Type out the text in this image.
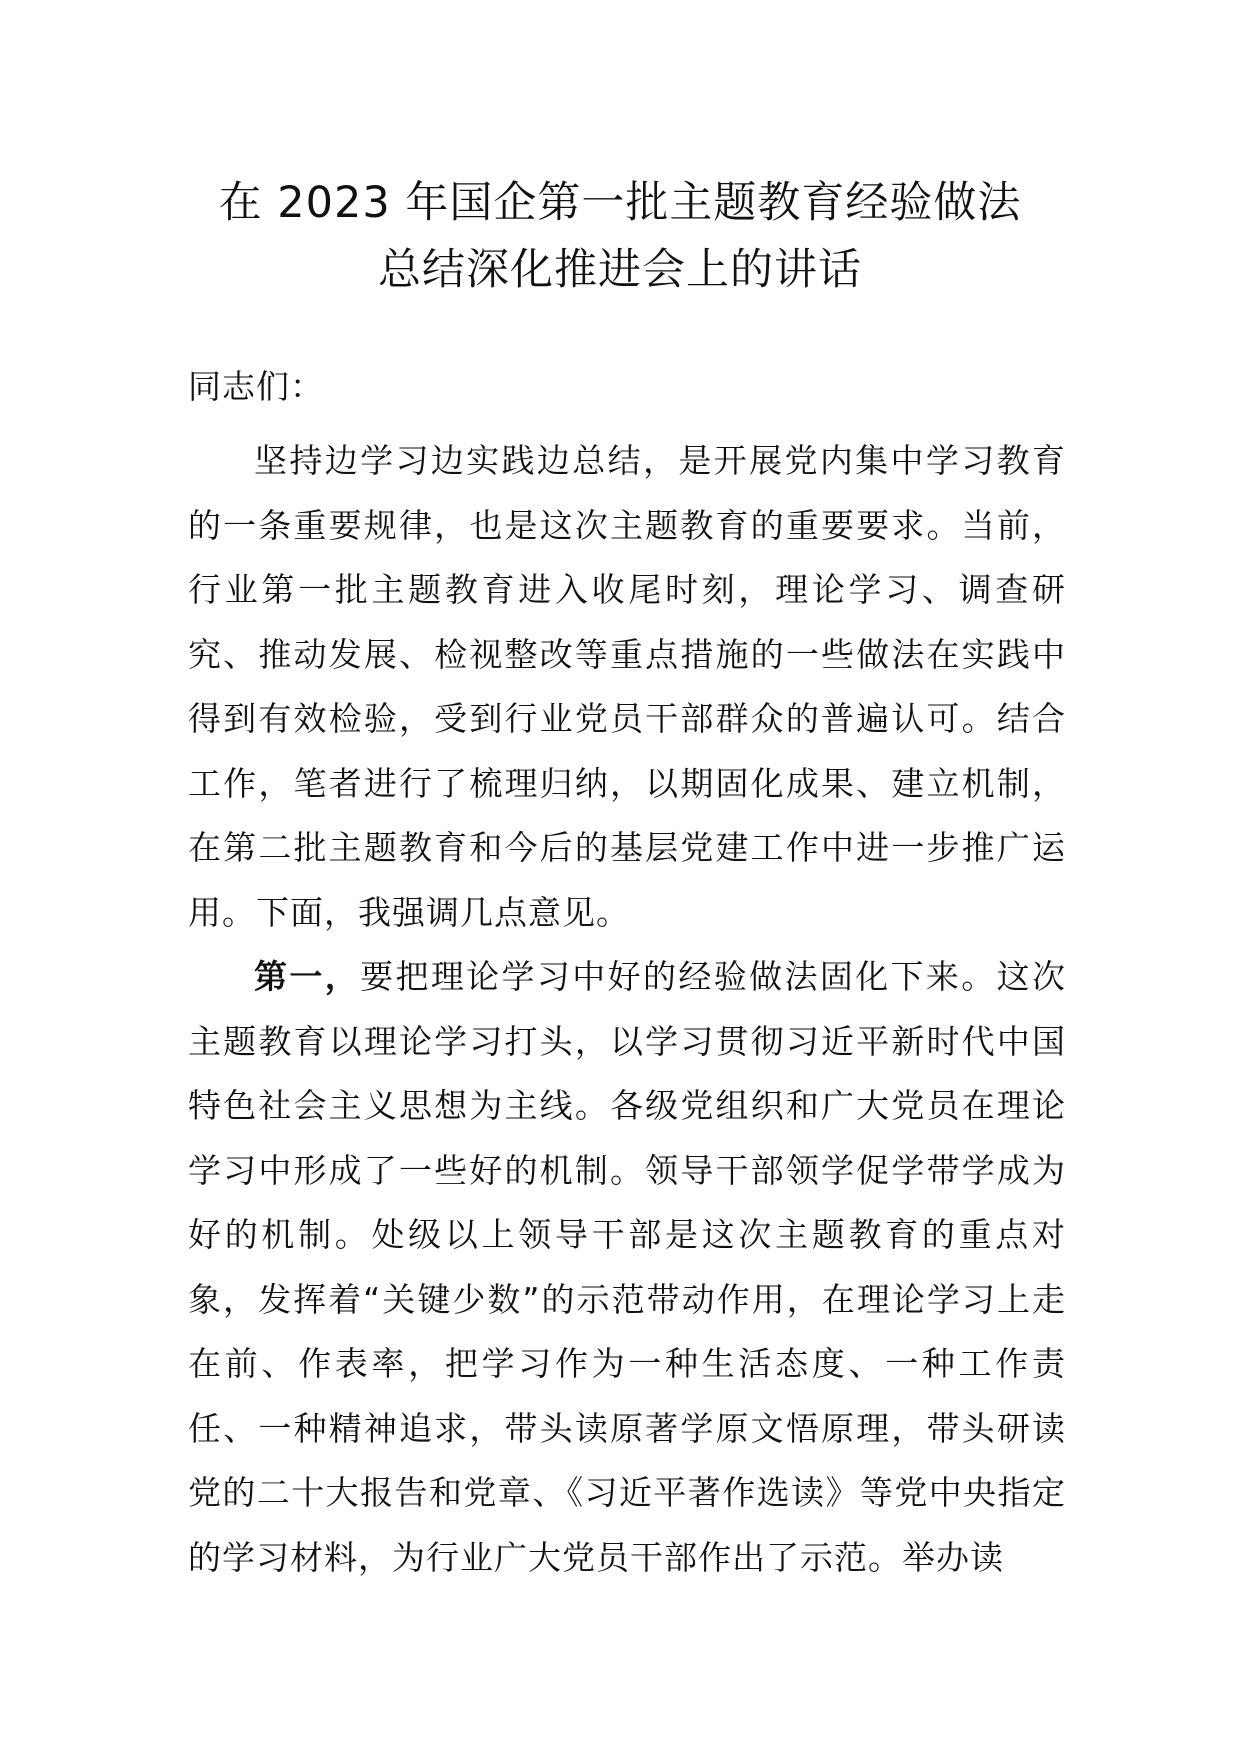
在 2023 年国企第一批主题教育经验做法
总结深化推进会上的讲话

同志们：

坚持边学习边实践边总结，是开展党内集中学习教育的一条重要规律，也是这次主题教育的重要要求。当前，行业第一批主题教育进入收尾时刻，理论学习、调查研究、推动发展、检视整改等重点措施的一些做法在实践中得到有效检验，受到行业党员干部群众的普遍认可。结合工作，笔者进行了梳理归纳，以期固化成果、建立机制，在第二批主题教育和今后的基层党建工作中进一步推广运用。下面，我强调几点意见。

第一，要把理论学习中好的经验做法固化下来。这次主题教育以理论学习打头，以学习贯彻习近平新时代中国特色社会主义思想为主线。各级党组织和广大党员在理论学习中形成了一些好的机制。领导干部领学促学带学成为好的机制。处级以上领导干部是这次主题教育的重点对象，发挥着“关键少数”的示范带动作用，在理论学习上走在前、作表率，把学习作为一种生活态度、一种工作责任、一种精神追求，带头读原著学原文悟原理，带头研读党的二十大报告和党章、《习近平著作选读》等党中央指定的学习材料，为行业广大党员干部作出了示范。举办读
